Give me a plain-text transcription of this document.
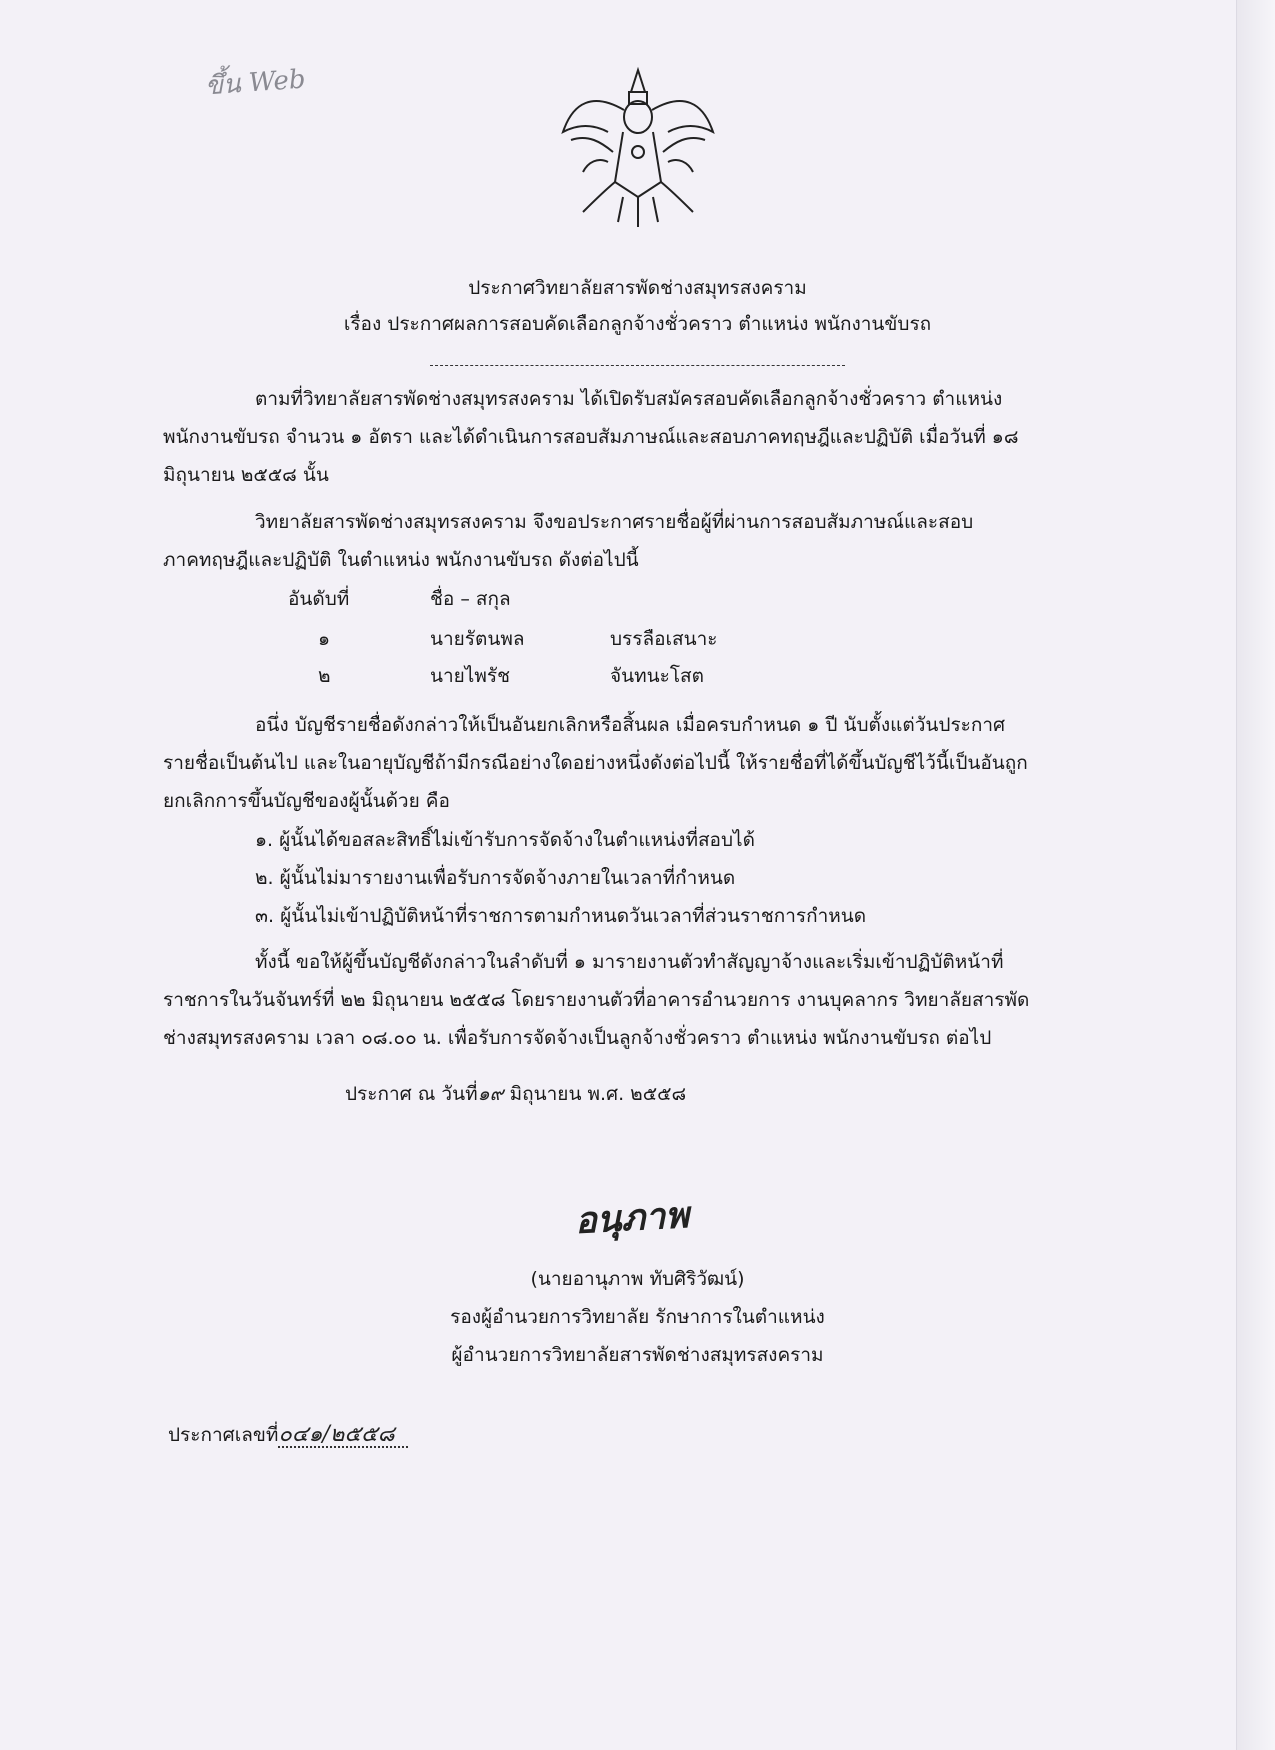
ขึ้น Web
ประกาศวิทยาลัยสารพัดช่างสมุทรสงคราม
เรื่อง ประกาศผลการสอบคัดเลือกลูกจ้างชั่วคราว ตำแหน่ง พนักงานขับรถ
ตามที่วิทยาลัยสารพัดช่างสมุทรสงคราม ได้เปิดรับสมัครสอบคัดเลือกลูกจ้างชั่วคราว ตำแหน่ง
พนักงานขับรถ จำนวน ๑ อัตรา และได้ดำเนินการสอบสัมภาษณ์และสอบภาคทฤษฎีและปฏิบัติ เมื่อวันที่ ๑๘
มิถุนายน ๒๕๕๘ นั้น
วิทยาลัยสารพัดช่างสมุทรสงคราม จึงขอประกาศรายชื่อผู้ที่ผ่านการสอบสัมภาษณ์และสอบ
ภาคทฤษฎีและปฏิบัติ ในตำแหน่ง พนักงานขับรถ ดังต่อไปนี้
อันดับที่	ชื่อ – สกุล
๑	นายรัตนพล	บรรลือเสนาะ
๒	นายไพรัช	จันทนะโสต
อนึ่ง บัญชีรายชื่อดังกล่าวให้เป็นอันยกเลิกหรือสิ้นผล เมื่อครบกำหนด ๑ ปี นับตั้งแต่วันประกาศ
รายชื่อเป็นต้นไป และในอายุบัญชีถ้ามีกรณีอย่างใดอย่างหนึ่งดังต่อไปนี้ ให้รายชื่อที่ได้ขึ้นบัญชีไว้นี้เป็นอันถูก
ยกเลิกการขึ้นบัญชีของผู้นั้นด้วย คือ
๑. ผู้นั้นได้ขอสละสิทธิ์ไม่เข้ารับการจัดจ้างในตำแหน่งที่สอบได้
๒. ผู้นั้นไม่มารายงานเพื่อรับการจัดจ้างภายในเวลาที่กำหนด
๓. ผู้นั้นไม่เข้าปฏิบัติหน้าที่ราชการตามกำหนดวันเวลาที่ส่วนราชการกำหนด
ทั้งนี้ ขอให้ผู้ขึ้นบัญชีดังกล่าวในลำดับที่ ๑ มารายงานตัวทำสัญญาจ้างและเริ่มเข้าปฏิบัติหน้าที่
ราชการในวันจันทร์ที่ ๒๒ มิถุนายน ๒๕๕๘ โดยรายงานตัวที่อาคารอำนวยการ งานบุคลากร วิทยาลัยสารพัด
ช่างสมุทรสงคราม เวลา ๐๘.๐๐ น. เพื่อรับการจัดจ้างเป็นลูกจ้างชั่วคราว ตำแหน่ง พนักงานขับรถ ต่อไป
ประกาศ ณ วันที่๑๙ มิถุนายน พ.ศ. ๒๕๕๘
อนุภาพ
(นายอานุภาพ ทับศิริวัฒน์)
รองผู้อำนวยการวิทยาลัย รักษาการในตำแหน่ง
ผู้อำนวยการวิทยาลัยสารพัดช่างสมุทรสงคราม
ประกาศเลขที่๐๔๑/๒๕๕๘
